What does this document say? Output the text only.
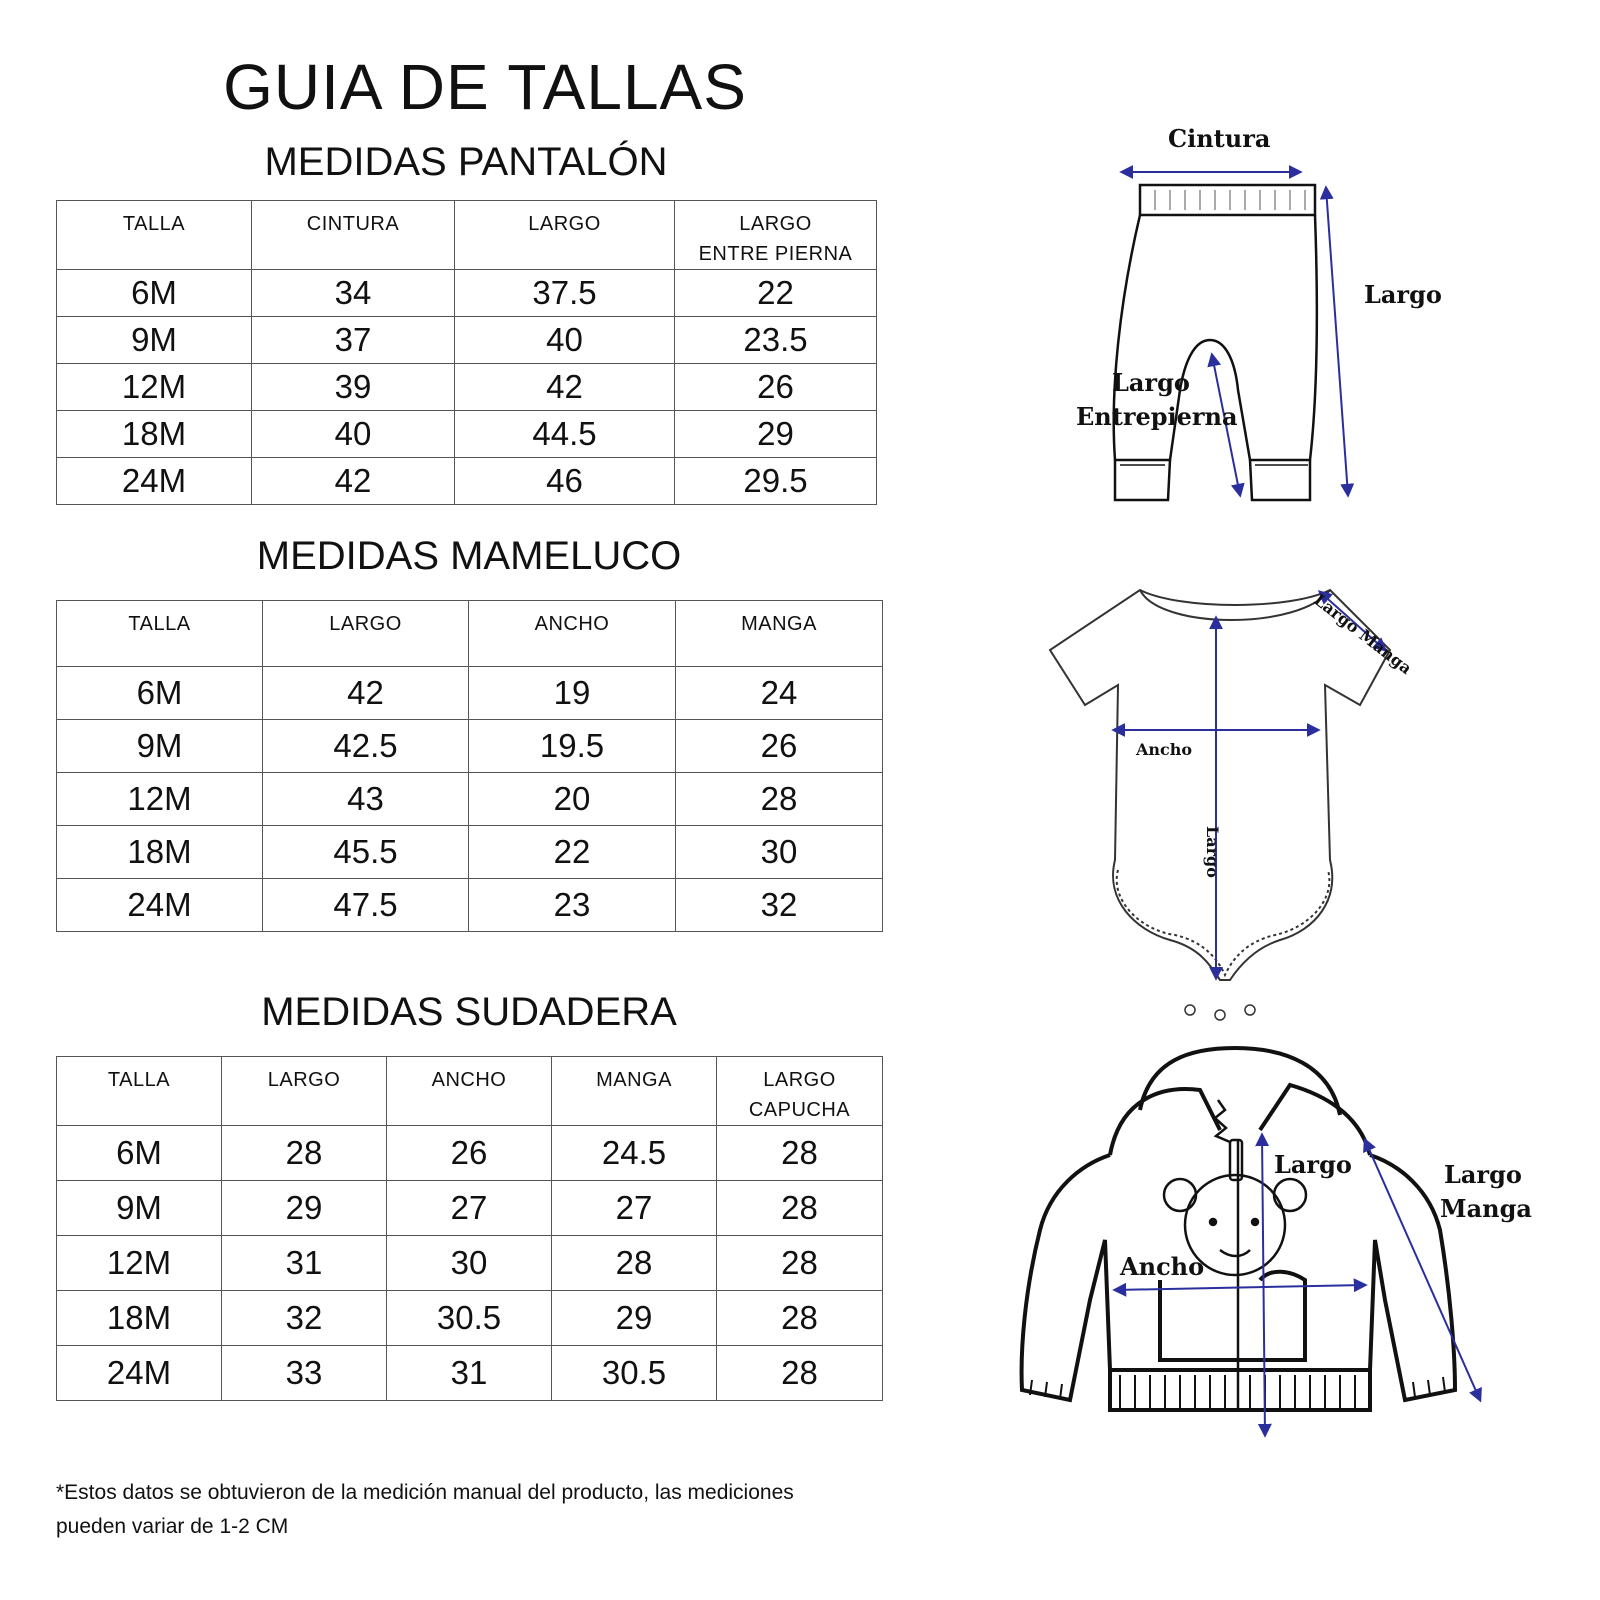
GUIA DE TALLAS
MEDIDAS PANTALÓN
TALLA	CINTURA	LARGO	LARGO
ENTRE PIERNA

6M	34	37.5	22
9M	37	40	23.5
12M	39	42	26
18M	40	44.5	29
24M	42	46	29.5
MEDIDAS MAMELUCO
TALLA	LARGO	ANCHO	MANGA

6M	42	19	24
9M	42.5	19.5	26
12M	43	20	28
18M	45.5	22	30
24M	47.5	23	32
MEDIDAS SUDADERA
TALLA	LARGO	ANCHO	MANGA	LARGO
CAPUCHA

6M	28	26	24.5	28
9M	29	27	27	28
12M	31	30	28	28
18M	32	30.5	29	28
24M	33	31	30.5	28
*Estos datos se obtuvieron de la medición manual del producto, las mediciones
pueden variar de 1-2 CM
Cintura
Largo
Largo
Entrepierna
Largo Manga
Ancho
Largo
Largo	Largo
Manga
Ancho
